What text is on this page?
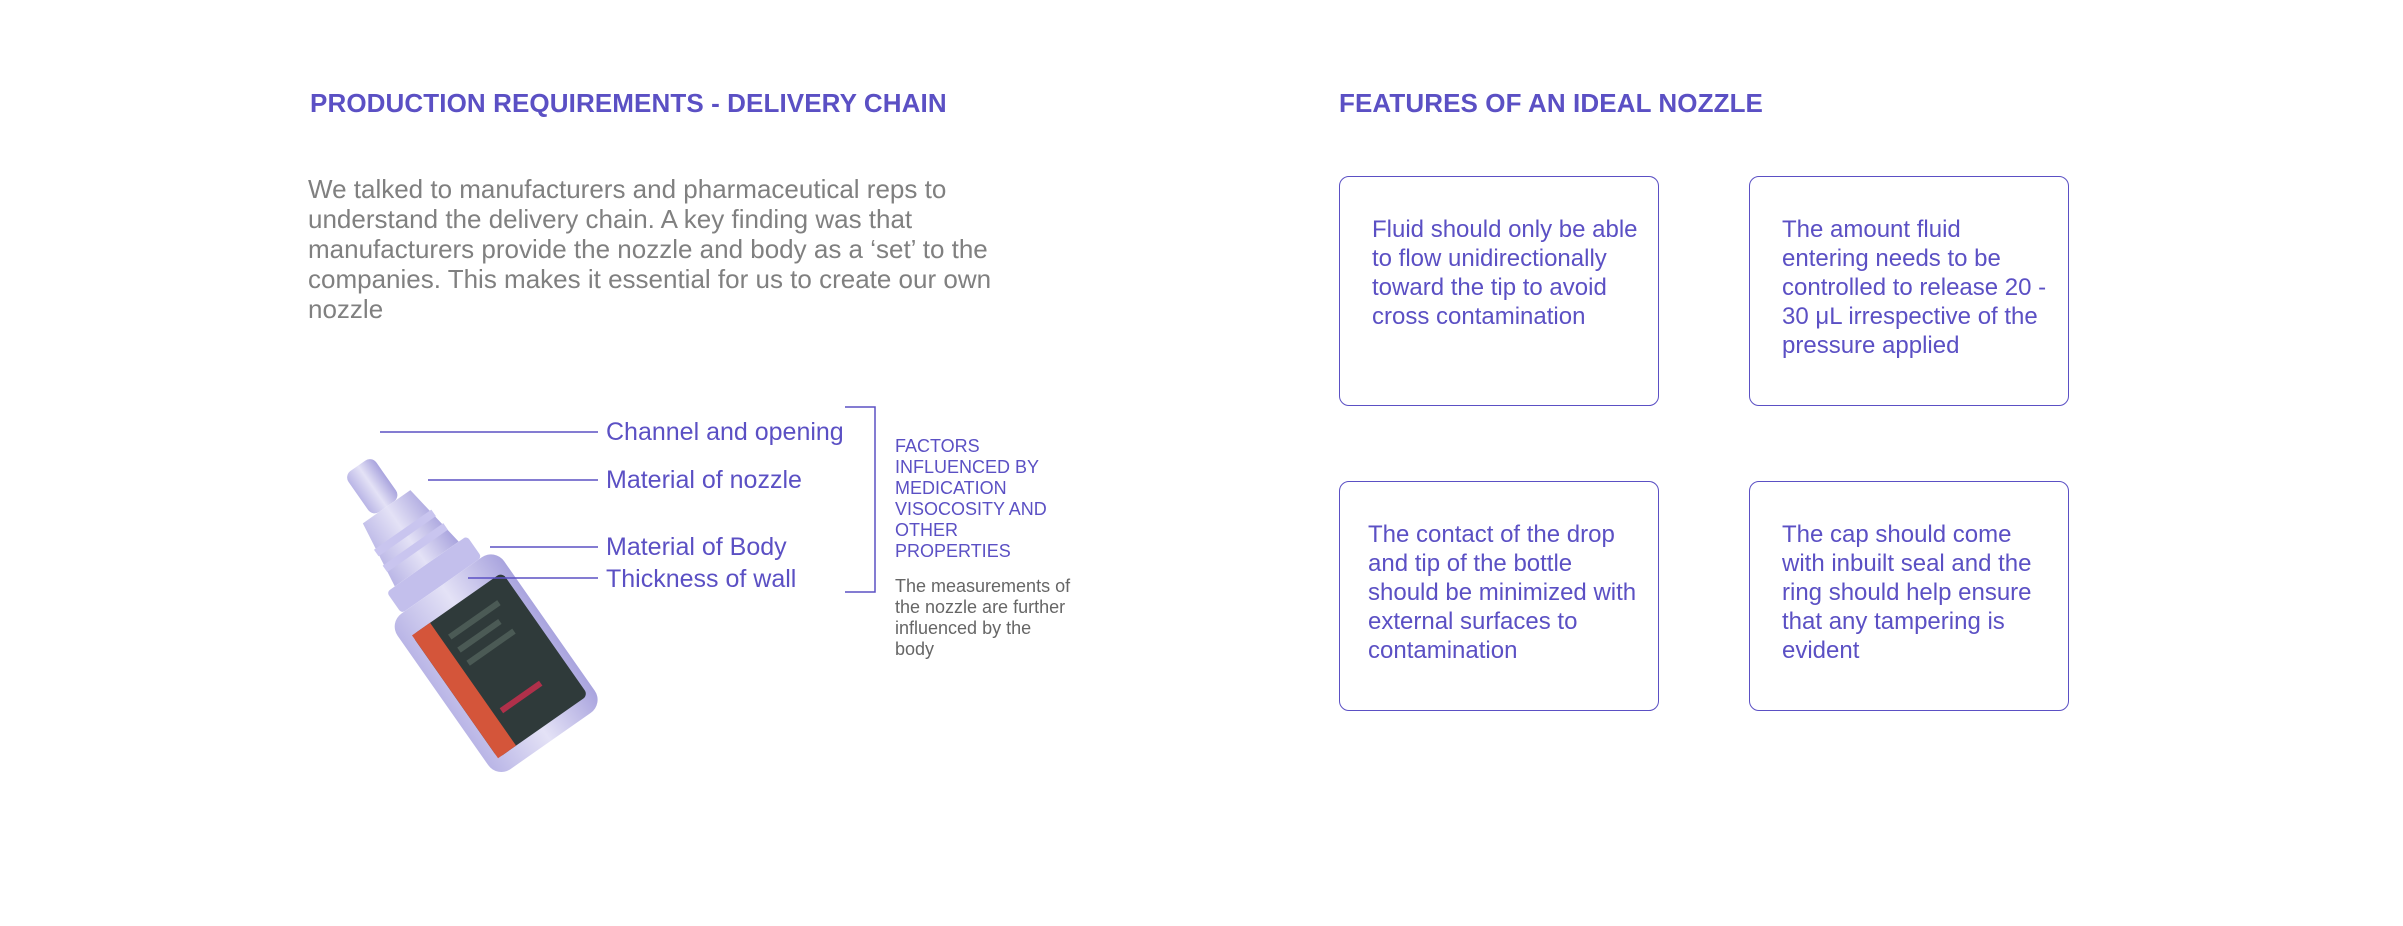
PRODUCTION REQUIREMENTS - DELIVERY CHAIN	FEATURES OF AN IDEAL NOZZLE

We talked to manufacturers and pharmaceutical reps to understand the delivery chain. A key finding was that manufacturers provide the nozzle and body as a ‘set’ to the companies. This makes it essential for us to create our own nozzle

Channel and opening
Material of nozzle
Material of Body
Thickness of wall

FACTORS INFLUENCED BY MEDICATION VISOCOSITY AND OTHER PROPERTIES

The measurements of the nozzle are further influenced by the body

Fluid should only be able to flow unidirectionally toward the tip to avoid cross contamination

The amount fluid entering needs to be controlled to release 20 - 30 μL irrespective of the pressure applied

The contact of the drop and tip of the bottle should be minimized with external surfaces to contamination

The cap should come with inbuilt seal and the ring should help ensure that any tampering is evident
